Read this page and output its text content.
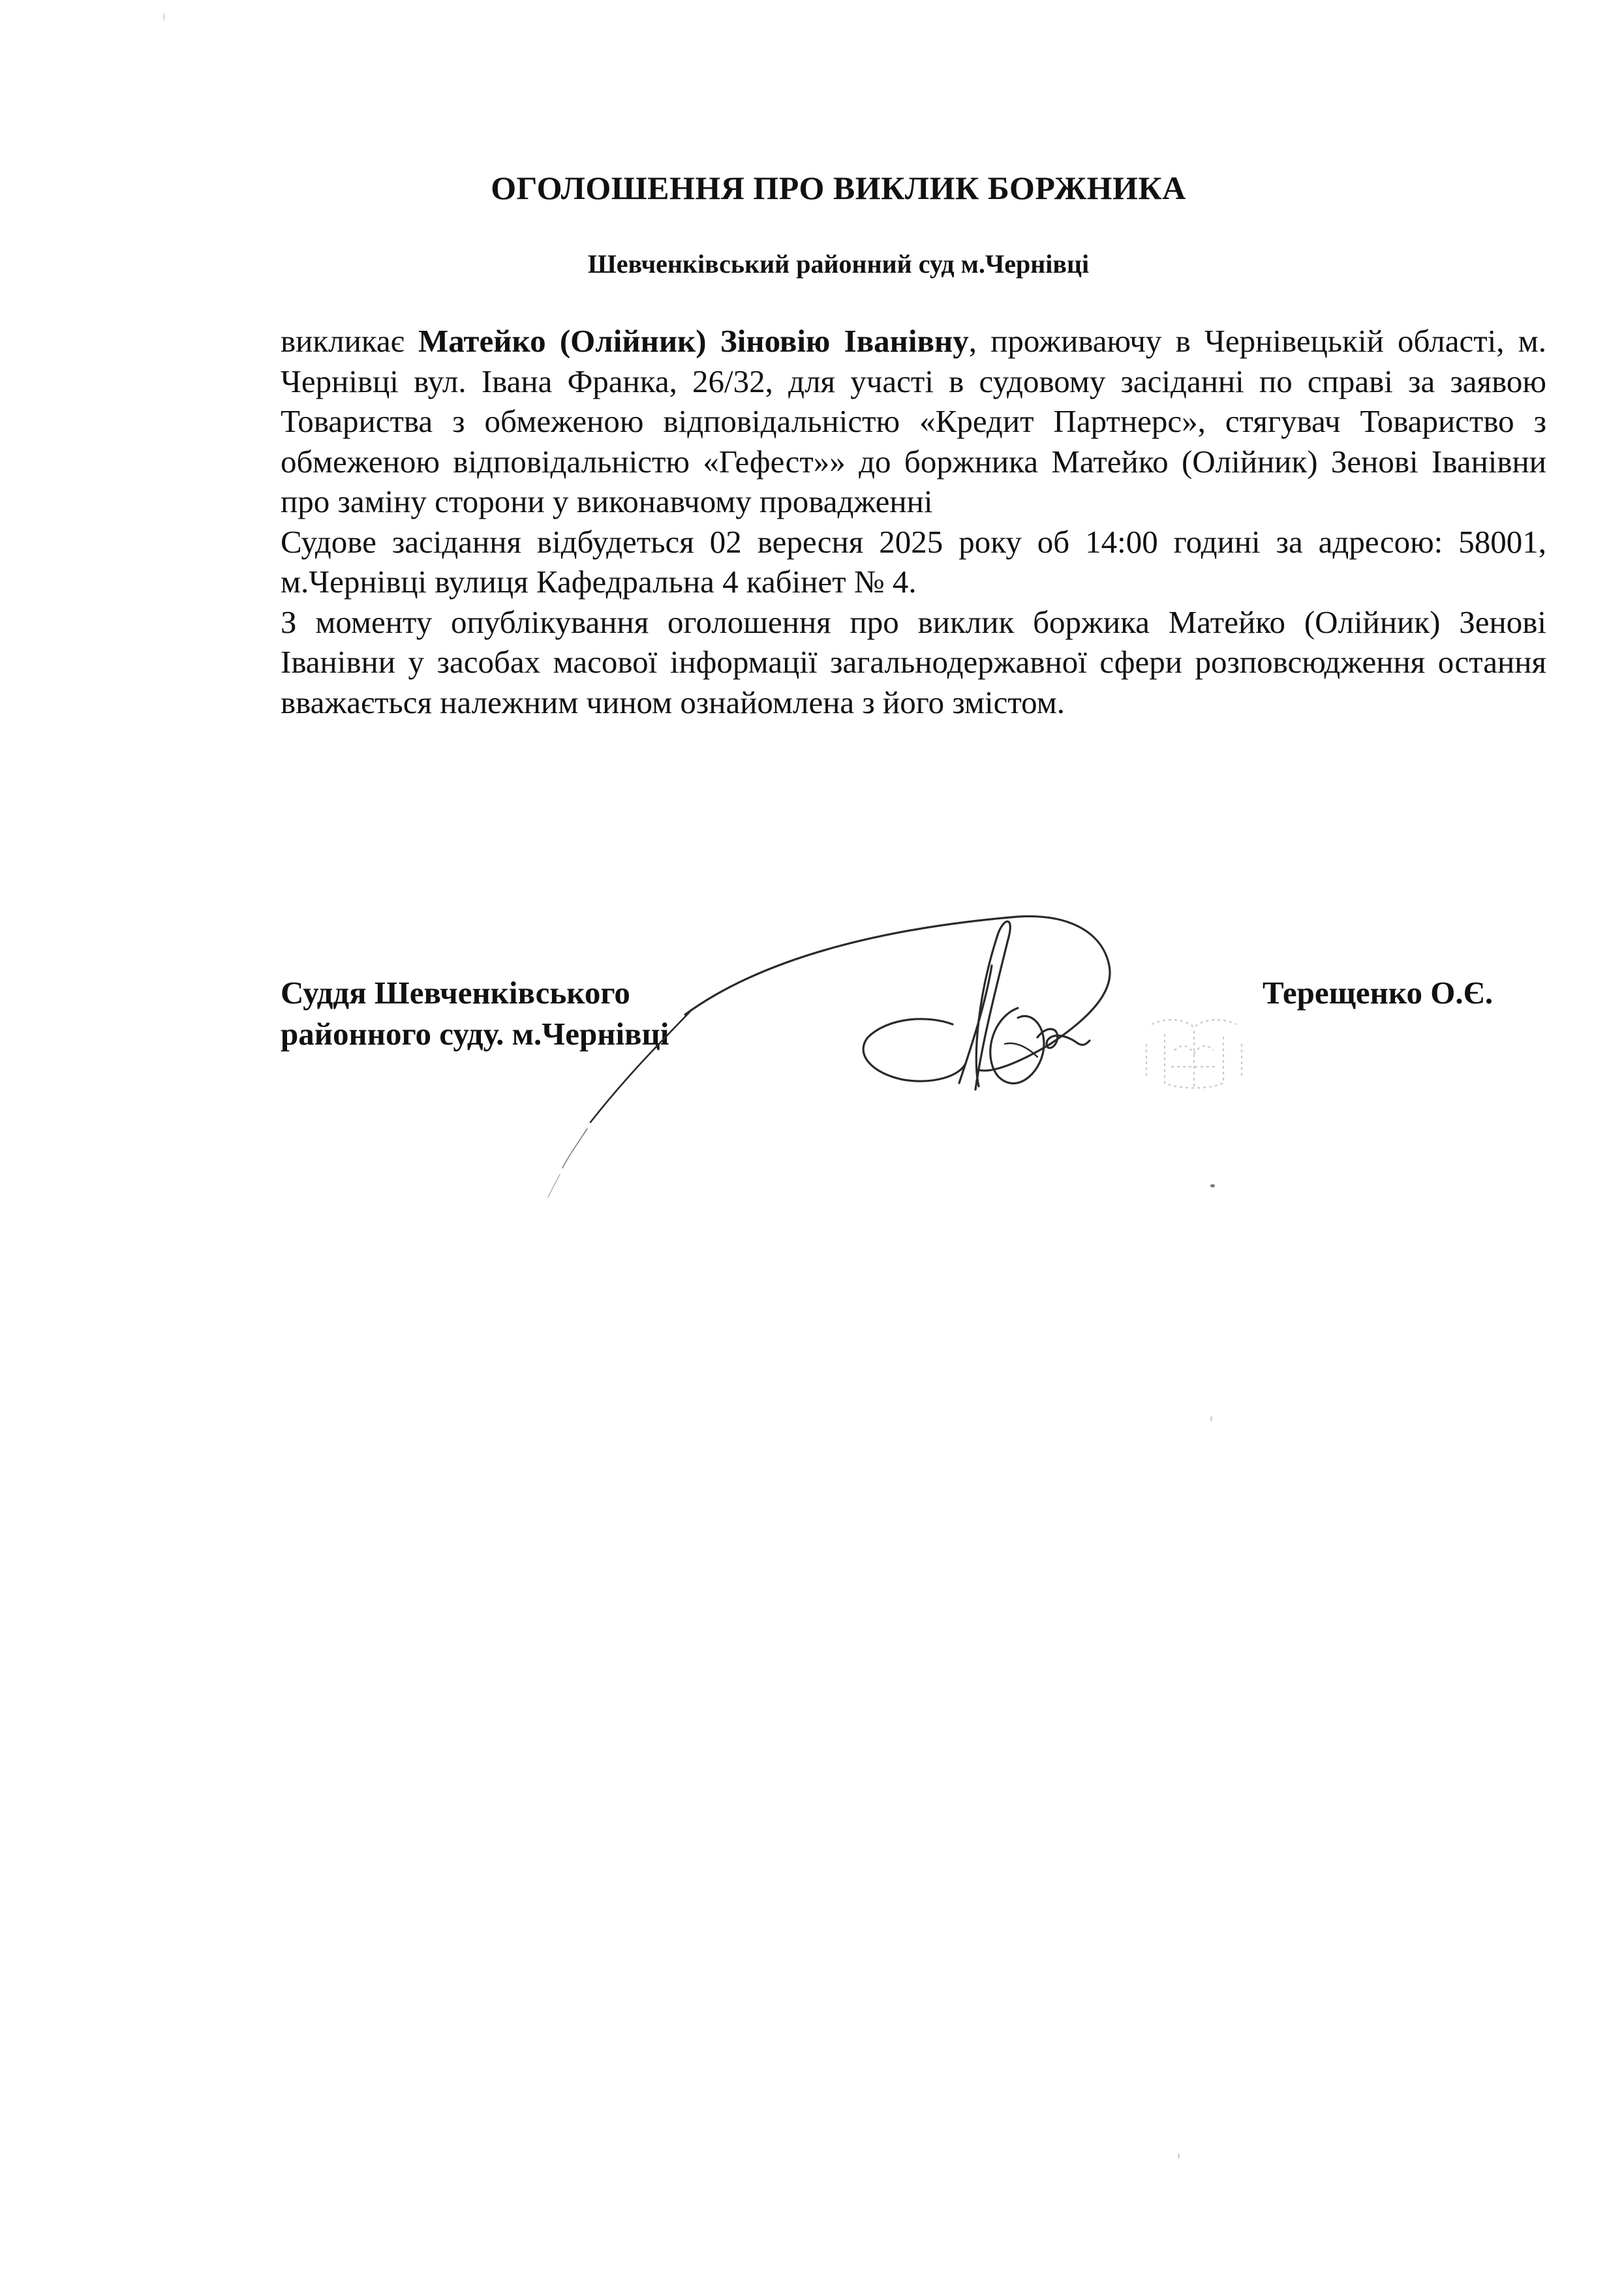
ОГОЛОШЕННЯ ПРО ВИКЛИК БОРЖНИКА
Шевченківський районний суд м.Чернівці

викликає Матейко (Олійник) Зіновію Іванівну, проживаючу в Чернівецькій області, м. Чернівці вул. Івана Франка, 26/32, для участі в судовому засіданні по справі за заявою Товариства з обмеженою відповідальністю «Кредит Партнерс», стягувач Товариство з обмеженою відповідальністю «Гефест»» до боржника Матейко (Олійник) Зенові Іванівни про заміну сторони у виконавчому провадженні

Судове засідання відбудеться 02 вересня 2025 року об 14:00 годині за адресою: 58001, м.Чернівці вулиця Кафедральна 4 кабінет № 4.

З моменту опублікування оголошення про виклик боржика Матейко (Олійник) Зенові Іванівни у засобах масової інформації загальнодержавної сфери розповсюдження остання вважається належним чином ознайомлена з його змістом.

Суддя Шевченківського
районного суду. м.Чернівці
Терещенко О.Є.
